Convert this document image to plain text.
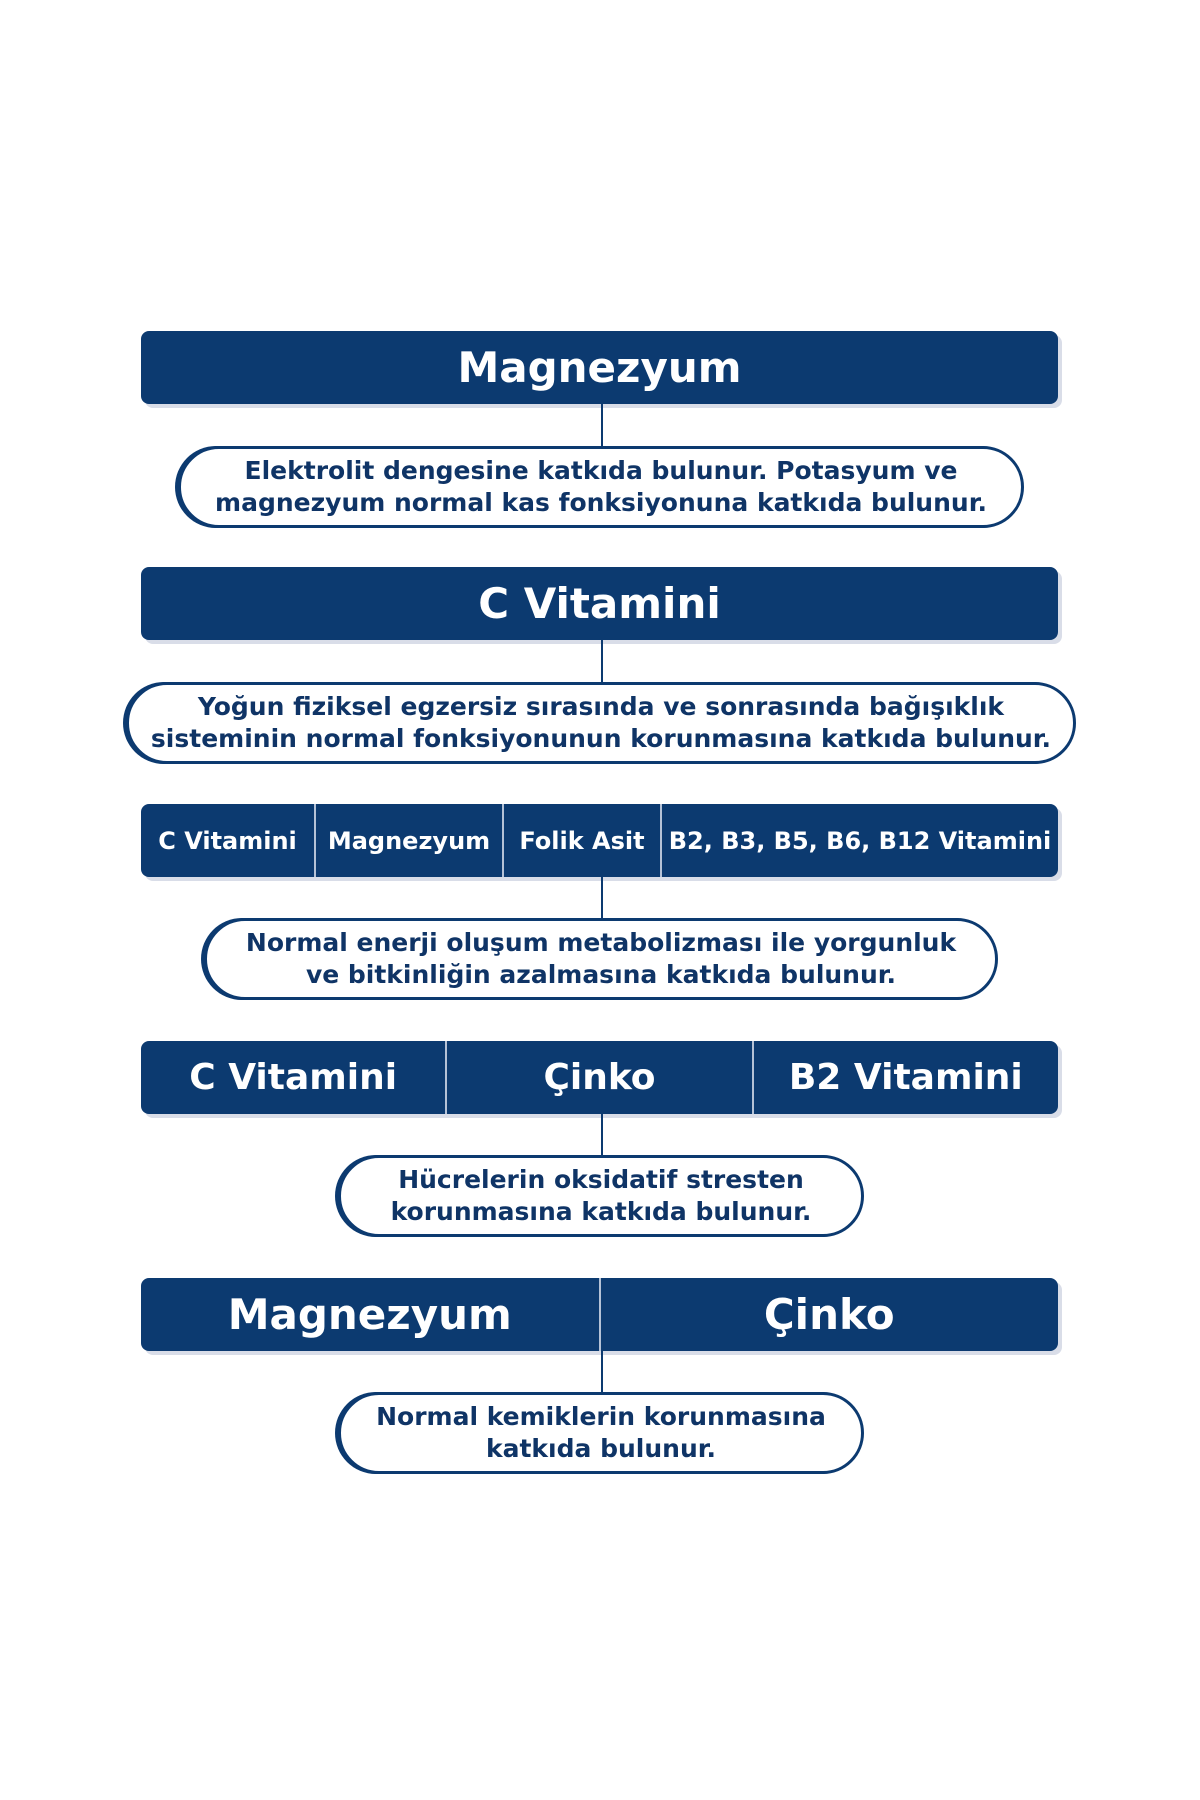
Magnezyum
Elektrolit dengesine katkıda bulunur. Potasyum ve
magnezyum normal kas fonksiyonuna katkıda bulunur.
C Vitamini
Yoğun fiziksel egzersiz sırasında ve sonrasında bağışıklık
sisteminin normal fonksiyonunun korunmasına katkıda bulunur.
C Vitamini	Magnezyum	Folik Asit	B2, B3, B5, B6, B12 Vitamini
Normal enerji oluşum metabolizması ile yorgunluk
ve bitkinliğin azalmasına katkıda bulunur.
C Vitamini	Çinko	B2 Vitamini
Hücrelerin oksidatif stresten
korunmasına katkıda bulunur.
Magnezyum	Çinko
Normal kemiklerin korunmasına
katkıda bulunur.
